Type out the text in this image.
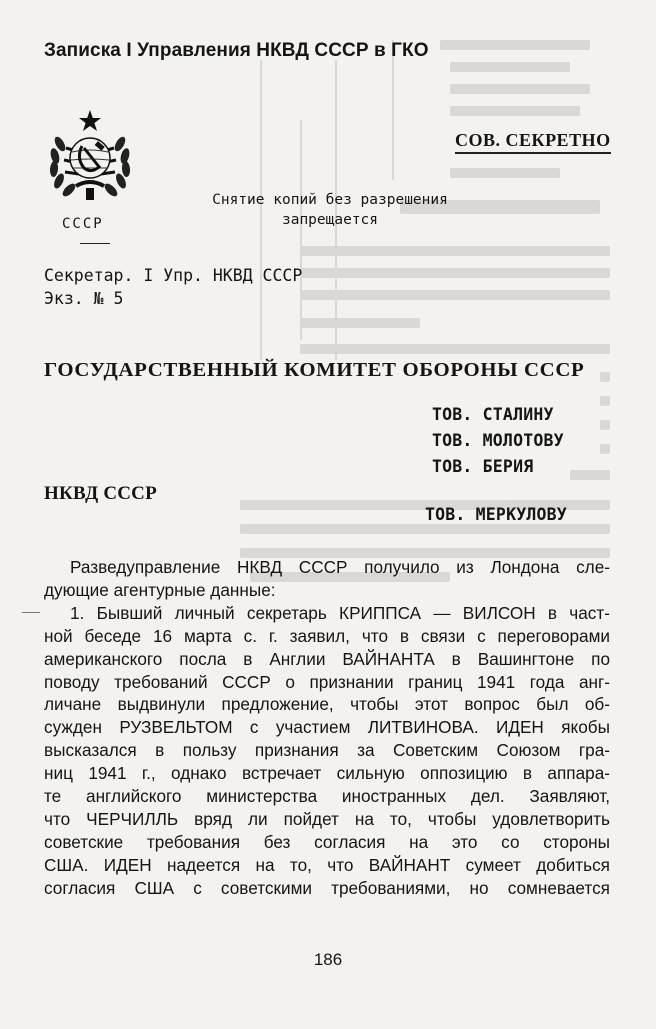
Записка I Управления НКВД СССР в ГКО
СССР
СОВ. СЕКРЕТНО
Снятие копий без разрешения
запрещается
Секретар. I Упр. НКВД СССР
Экз. № 5
ГОСУДАРСТВЕННЫЙ КОМИТЕТ ОБОРОНЫ СССР
ТОВ. СТАЛИНУ
ТОВ. МОЛОТОВУ
ТОВ. БЕРИЯ
НКВД СССР
ТОВ. МЕРКУЛОВУ
Разведуправление НКВД СССР получило из Лондона сле-
дующие агентурные данные:
1. Бывший личный секретарь КРИППСА — ВИЛСОН в част-
ной беседе 16 марта с. г. заявил, что в связи с переговорами
американского посла в Англии ВАЙНАНТА в Вашингтоне по
поводу требований СССР о признании границ 1941 года анг-
личане выдвинули предложение, чтобы этот вопрос был об-
сужден РУЗВЕЛЬТОМ с участием ЛИТВИНОВА. ИДЕН якобы
высказался в пользу признания за Советским Союзом гра-
ниц 1941 г., однако встречает сильную оппозицию в аппара-
те английского министерства иностранных дел. Заявляют,
что ЧЕРЧИЛЛЬ вряд ли пойдет на то, чтобы удовлетворить
советские требования без согласия на это со стороны
США. ИДЕН надеется на то, что ВАЙНАНТ сумеет добиться
согласия США с советскими требованиями, но сомневается
186
